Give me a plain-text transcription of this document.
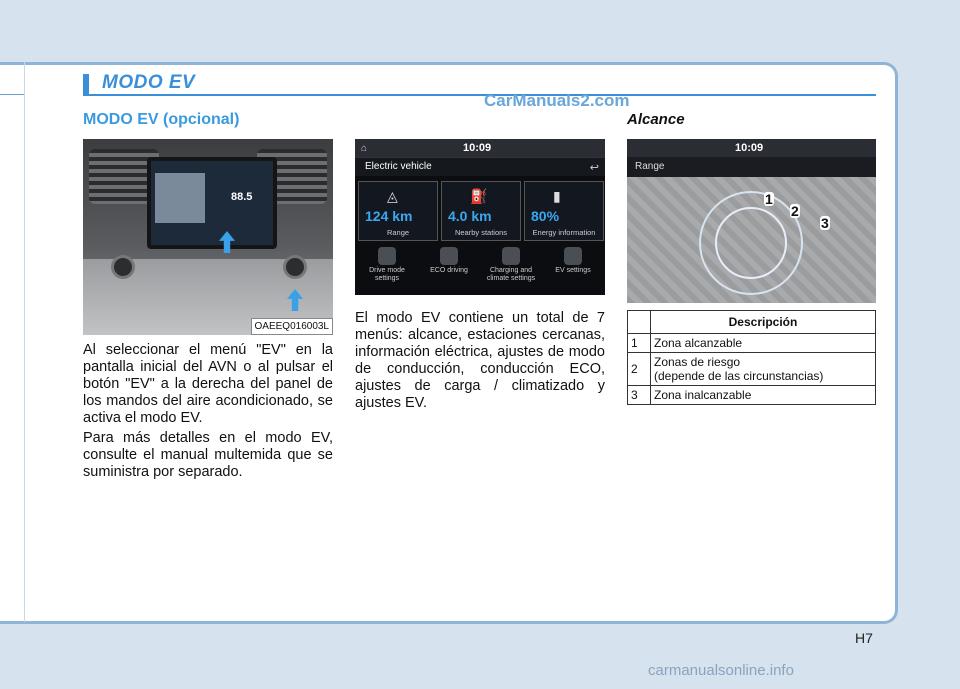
MODO EV
CarManuals2.com
MODO EV (opcional)	Alcance
88.5
OAEEQ016003L
Al seleccionar el menú "EV" en la pantalla inicial del AVN o al pulsar el botón "EV" a la derecha del panel de los mandos del aire acondicionado, se activa el modo EV.
Para más detalles en el modo EV, consulte el manual multemida que se suministra por separado.
⌂	10:09
Electric vehicle	↩
◬
124 km
Range
⛽
4.0 km
Nearby stations
▮
80%
Energy information
Drive mode settings
ECO driving	Charging and climate settings
EV settings
El modo EV contiene un total de 7 menús: alcance, estaciones cercanas, información eléctrica, ajustes de modo de conducción, conducción ECO, ajustes de carga / climatizado y ajustes EV.
10:09
Range
1
2
3
	Descripción
1	Zona alcanzable
2	Zonas de riesgo
(depende de las circunstancias)

3	Zona inalcanzable
H7
carmanualsonline.info
